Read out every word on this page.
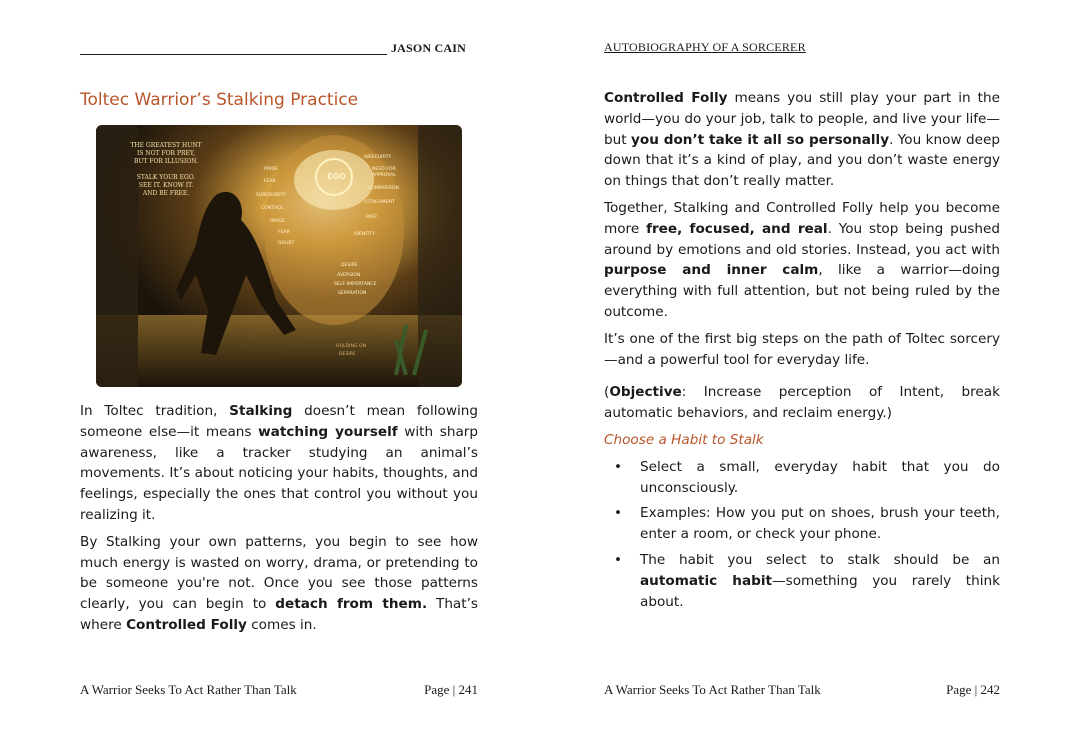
JASON CAIN
Toltec Warrior’s Stalking Practice
THE GREATEST HUNT
IS NOT FOR PREY,
BUT FOR ILLUSION.
STALK YOUR EGO.
SEE IT. KNOW IT.
AND BE FREE.
EGO
PRIDE
FEAR
SUPERIORITY
CONTROL
IMAGE
FEAR
DOUBT
INSECURITY
NEED FOR
APPROVAL
COMPARISON
ATTACHMENT
PAST
IDENTITY
DESIRE
AVERSION
SELF-IMPORTANCE
SEPARATION
HOLDING ON
DESIRE

In Toltec tradition, Stalking doesn’t mean following someone else—it means watching yourself with sharp awareness, like a tracker studying an animal’s movements. It’s about noticing your habits, thoughts, and feelings, especially the ones that control you without you realizing it.

By Stalking your own patterns, you begin to see how much energy is wasted on worry, drama, or pretending to be someone you're not. Once you see those patterns clearly, you can begin to detach from them. That’s where Controlled Folly comes in.

A Warrior Seeks To Act Rather Than Talk	Page | 241
AUTOBIOGRAPHY OF A SORCERER

Controlled Folly means you still play your part in the world—you do your job, talk to people, and live your life—but you don’t take it all so personally. You know deep down that it’s a kind of play, and you don’t waste energy on things that don’t really matter.

Together, Stalking and Controlled Folly help you become more free, focused, and real. You stop being pushed around by emotions and old stories. Instead, you act with purpose and inner calm, like a warrior—doing everything with full attention, but not being ruled by the outcome.

It’s one of the first big steps on the path of Toltec sorcery—and a powerful tool for everyday life.

(Objective: Increase perception of Intent, break automatic behaviors, and reclaim energy.)

Choose a Habit to Stalk

• Select a small, everyday habit that you do unconsciously.
• Examples: How you put on shoes, brush your teeth, enter a room, or check your phone.
• The habit you select to stalk should be an automatic habit—something you rarely think about.
A Warrior Seeks To Act Rather Than Talk	Page | 242
